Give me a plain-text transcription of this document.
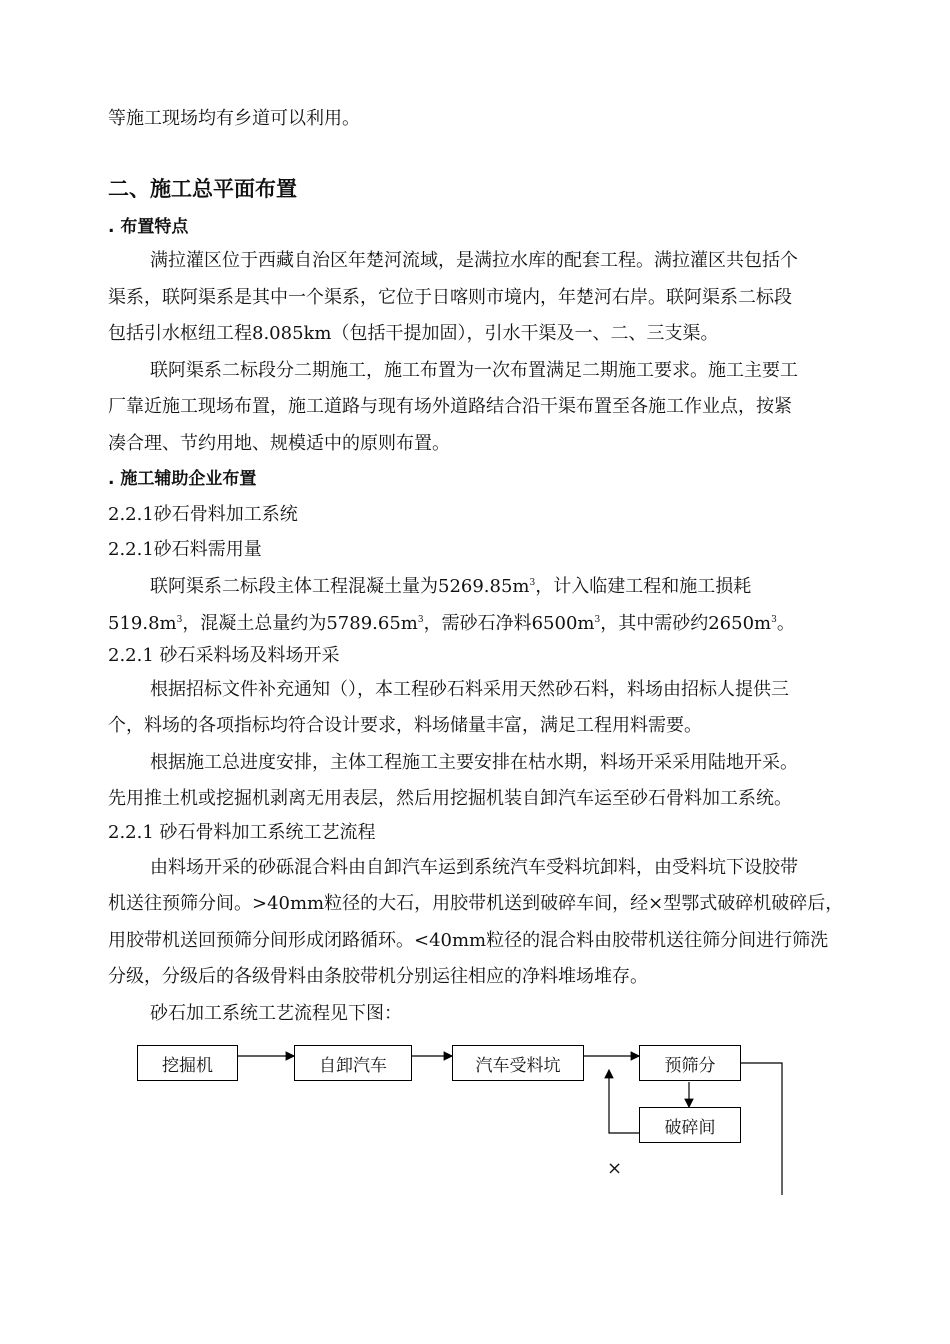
等施工现场均有乡道可以利用。
二、施工总平面布置
. 布置特点
满拉灌区位于西藏自治区年楚河流域，是满拉水库的配套工程。满拉灌区共包括个
渠系，联阿渠系是其中一个渠系，它位于日喀则市境内，年楚河右岸。联阿渠系二标段
包括引水枢纽工程8.085km（包括干提加固），引水干渠及一、二、三支渠。
联阿渠系二标段分二期施工，施工布置为一次布置满足二期施工要求。施工主要工
厂靠近施工现场布置，施工道路与现有场外道路结合沿干渠布置至各施工作业点，按紧
凑合理、节约用地、规模适中的原则布置。
. 施工辅助企业布置
2.2.1砂石骨料加工系统
2.2.1砂石料需用量
联阿渠系二标段主体工程混凝土量为$5269.85m^3$，计入临建工程和施工损耗
$519.8m^3$，混凝土总量约为$5789.65m^3$，需砂石净料$6500m^3$，其中需砂约$2650m^3$。
2.2.1 砂石采料场及料场开采
根据招标文件补充通知（），本工程砂石料采用天然砂石料，料场由招标人提供三
个，料场的各项指标均符合设计要求，料场储量丰富，满足工程用料需要。
根据施工总进度安排，主体工程施工主要安排在枯水期，料场开采采用陆地开采。
先用推土机或挖掘机剥离无用表层，然后用挖掘机装自卸汽车运至砂石骨料加工系统。
2.2.1 砂石骨料加工系统工艺流程
由料场开采的砂砾混合料由自卸汽车运到系统汽车受料坑卸料，由受料坑下设胶带
机送往预筛分间。>40mm粒径的大石，用胶带机送到破碎车间，经×型鄂式破碎机破碎后，
用胶带机送回预筛分间形成闭路循环。<40mm粒径的混合料由胶带机送往筛分间进行筛洗
分级，分级后的各级骨料由条胶带机分别运往相应的净料堆场堆存。
砂石加工系统工艺流程见下图：
挖掘机	自卸汽车	汽车受料坑	预筛分
破碎间
×
